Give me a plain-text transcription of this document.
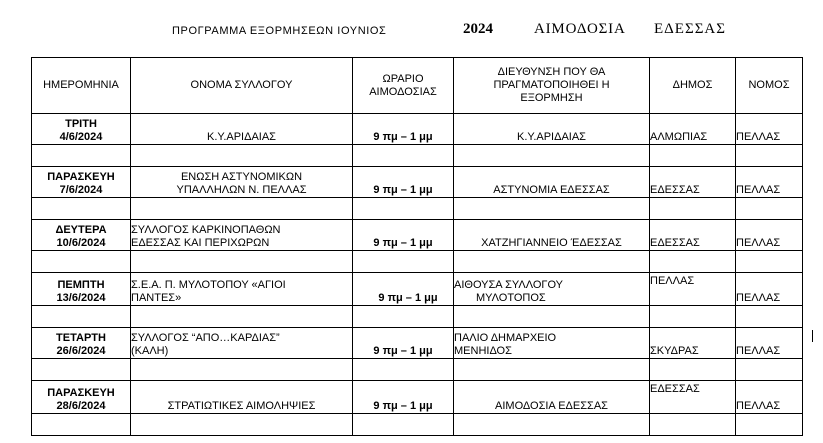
ΠΡΟΓΡΑΜΜΑ ΕΞΟΡΜΗΣΕΩΝ ΙΟΥΝΙΟΣ	2024	ΑΙΜΟΔΟΣΙΑ ΕΔΕΣΣΑΣ
ΗΜΕΡΟΜΗΝΙΑ	ΟΝΟΜΑ ΣΥΛΛΟΓΟΥ	ΩΡΑΡΙΟ ΑΙΜΟΔΟΣΙΑΣ	ΔΙΕΥΘΥΝΣΗ ΠΟΥ ΘΑ ΠΡΑΓΜΑΤΟΠΟΙΗΘΕΙ Η ΕΞΟΡΜΗΣΗ	ΔΗΜΟΣ	ΝΟΜΟΣ

ΤΡΙΤΗ
4/6/2024	Κ.Υ.ΑΡΙΔΑΙΑΣ	9 πμ – 1 μμ	Κ.Υ.ΑΡΙΔΑΙΑΣ	ΑΛΜΩΠΙΑΣ	ΠΕΛΛΑΣ

ΠΑΡΑΣΚΕΥΗ
7/6/2024	ΕΝΩΣΗ ΑΣΤΥΝΟΜΙΚΩΝ
ΥΠΑΛΛΗΛΩΝ Ν. ΠΕΛΛΑΣ	9 πμ – 1 μμ	ΑΣΤΥΝΟΜΙΑ ΕΔΕΣΣΑΣ	ΕΔΕΣΣΑΣ	ΠΕΛΛΑΣ

ΔΕΥΤΕΡΑ
10/6/2024	ΣΥΛΛΟΓΟΣ ΚΑΡΚΙΝΟΠΑΘΩΝ
ΕΔΕΣΣΑΣ ΚΑΙ ΠΕΡΙΧΩΡΩΝ	9 πμ – 1 μμ	ΧΑΤΖΗΓΙΑΝΝΕΙΟ ΈΔΕΣΣΑΣ	ΕΔΕΣΣΑΣ	ΠΕΛΛΑΣ

ΠΕΜΠΤΗ
13/6/2024	Σ.Ε.Α. Π. ΜΥΛΟΤΟΠΟΥ «ΑΓΙΟΙ
ΠΑΝΤΕΣ»	9 πμ – 1 μμ	ΑΙΘΟΥΣΑ ΣΥΛΛΟΓΟΥ
ΜΥΛΟΤΟΠΟΣ	ΠΕΛΛΑΣ	ΠΕΛΛΑΣ

ΤΕΤΑΡΤΗ
26/6/2024	ΣΥΛΛΟΓΟΣ “ΑΠΟ…ΚΑΡΔΙΑΣ”
(ΚΑΛΗ)	9 πμ – 1 μμ	ΠΑΛΙΟ ΔΗΜΑΡΧΕΙΟ
ΜΕΝΗΙΔΟΣ	ΣΚΥΔΡΑΣ	ΠΕΛΛΑΣ

ΠΑΡΑΣΚΕΥΗ
28/6/2024	ΣΤΡΑΤΙΩΤΙΚΕΣ ΑΙΜΟΛΗΨΙΕΣ	9 πμ – 1 μμ	ΑΙΜΟΔΟΣΙΑ ΕΔΕΣΣΑΣ	ΕΔΕΣΣΑΣ	ΠΕΛΛΑΣ
